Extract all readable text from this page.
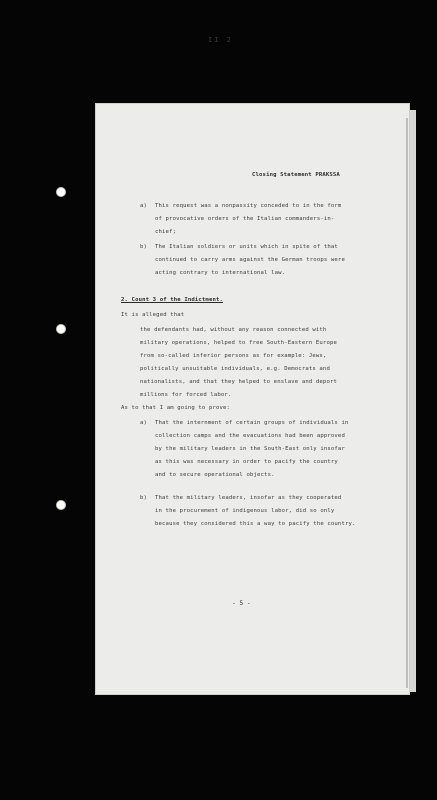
II 2
Closing Statement PRAKSSA
a) This request was a nonpassity conceded to in the form
of provocative orders of the Italian commanders-in-
chief;
b) The Italian soldiers or units which in spite of that
continued to carry arms against the German troops were
acting contrary to international law.
2. Count 3 of the Indictment.
It is alleged that
the defendants had, without any reason connected with
military operations, helped to free South-Eastern Europe
from so-called inferior persons as for example: Jews,
politically unsuitable individuals, e.g. Democrats and
nationalists, and that they helped to enslave and deport
millions for forced labor.
As to that I am going to prove:
a) That the internment of certain groups of individuals in
collection camps and the evacuations had been approved
by the military leaders in the South-East only insofar
as this was necessary in order to pacify the country
and to secure operational objects.
b) That the military leaders, insofar as they cooperated
in the procurement of indigenous labor, did so only
because they considered this a way to pacify the country.
- 5 -
